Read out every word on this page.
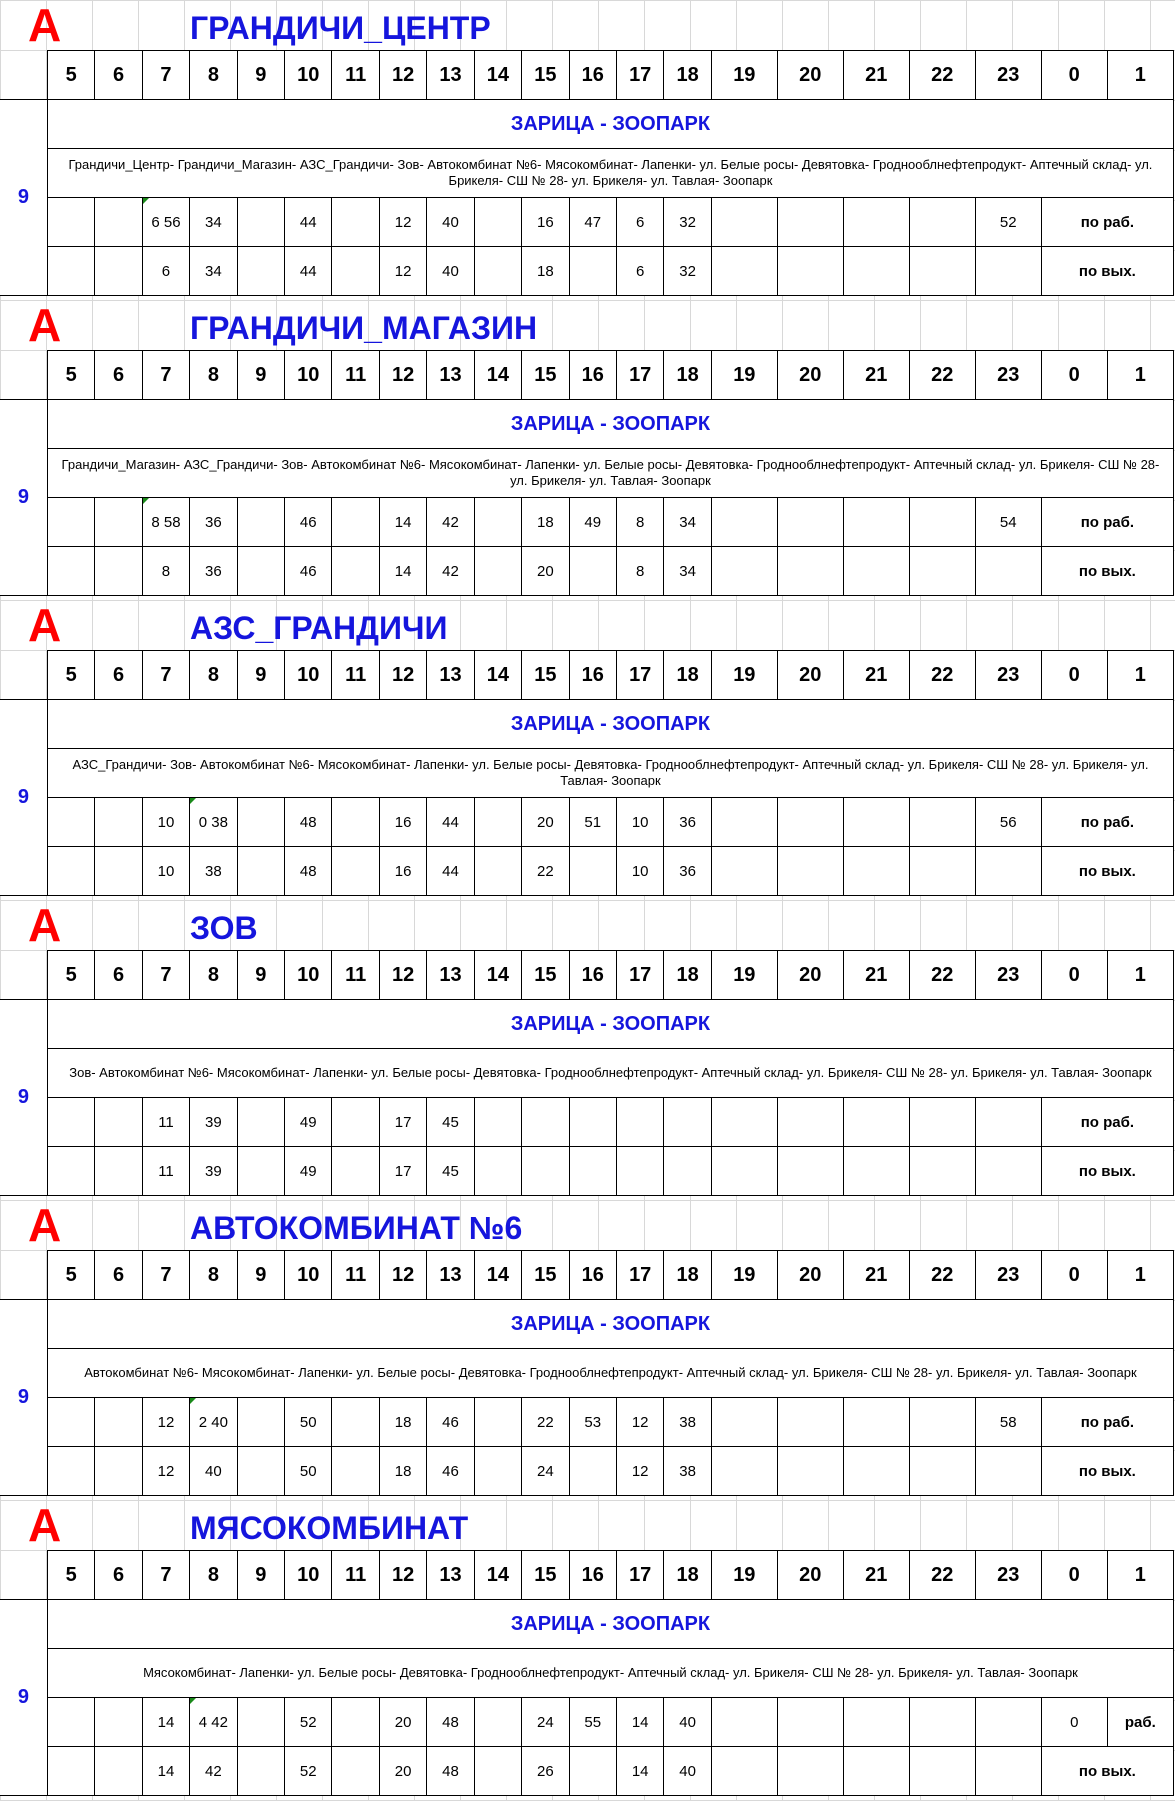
А	ГРАНДИЧИ_ЦЕНТР
	5	6	7	8	9	10	11	12	13	14	15	16	17	18	19	20	21	22	23	0	1
9	ЗАРИЦА - ЗООПАРК																				
	Грандичи_Центр- Грандичи_Магазин- АЗС_Грандичи- Зов- Автокомбинат №6- Мясокомбинат- Лапенки- ул. Белые росы- Девятовка- Гроднооблнефтепродукт- Аптечный склад- ул. Брикеля- СШ № 28- ул. Брикеля- ул. Тавлая- Зоопарк																				
			6 56	34		44		12	40		16	47	6	32					52	по раб.	
			6	34		44		12	40		18		6	32						по вых.	
А	ГРАНДИЧИ_МАГАЗИН
	5	6	7	8	9	10	11	12	13	14	15	16	17	18	19	20	21	22	23	0	1
9	ЗАРИЦА - ЗООПАРК																				
	Грандичи_Магазин- АЗС_Грандичи- Зов- Автокомбинат №6- Мясокомбинат- Лапенки- ул. Белые росы- Девятовка- Гроднооблнефтепродукт- Аптечный склад- ул. Брикеля- СШ № 28- ул. Брикеля- ул. Тавлая- Зоопарк																				
			8 58	36		46		14	42		18	49	8	34					54	по раб.	
			8	36		46		14	42		20		8	34						по вых.	
А	АЗС_ГРАНДИЧИ
	5	6	7	8	9	10	11	12	13	14	15	16	17	18	19	20	21	22	23	0	1
9	ЗАРИЦА - ЗООПАРК																				
	АЗС_Грандичи- Зов- Автокомбинат №6- Мясокомбинат- Лапенки- ул. Белые росы- Девятовка- Гроднооблнефтепродукт- Аптечный склад- ул. Брикеля- СШ № 28- ул. Брикеля- ул. Тавлая- Зоопарк																				
			10	0 38		48		16	44		20	51	10	36					56	по раб.	
			10	38		48		16	44		22		10	36						по вых.	
А	ЗОВ
	5	6	7	8	9	10	11	12	13	14	15	16	17	18	19	20	21	22	23	0	1
9	ЗАРИЦА - ЗООПАРК																				
	Зов- Автокомбинат №6- Мясокомбинат- Лапенки- ул. Белые росы- Девятовка- Гроднооблнефтепродукт- Аптечный склад- ул. Брикеля- СШ № 28- ул. Брикеля- ул. Тавлая- Зоопарк																				
			11	39		49		17	45											по раб.	
			11	39		49		17	45											по вых.	
А	АВТОКОМБИНАТ №6
	5	6	7	8	9	10	11	12	13	14	15	16	17	18	19	20	21	22	23	0	1
9	ЗАРИЦА - ЗООПАРК																				
	Автокомбинат №6- Мясокомбинат- Лапенки- ул. Белые росы- Девятовка- Гроднооблнефтепродукт- Аптечный склад- ул. Брикеля- СШ № 28- ул. Брикеля- ул. Тавлая- Зоопарк																				
			12	2 40		50		18	46		22	53	12	38					58	по раб.	
			12	40		50		18	46		24		12	38						по вых.	
А	МЯСОКОМБИНАТ
	5	6	7	8	9	10	11	12	13	14	15	16	17	18	19	20	21	22	23	0	1
9	ЗАРИЦА - ЗООПАРК																				
	Мясокомбинат- Лапенки- ул. Белые росы- Девятовка- Гроднооблнефтепродукт- Аптечный склад- ул. Брикеля- СШ № 28- ул. Брикеля- ул. Тавлая- Зоопарк																				
			14	4 42		52		20	48		24	55	14	40						0	раб.
			14	42		52		20	48		26		14	40						по вых.	
